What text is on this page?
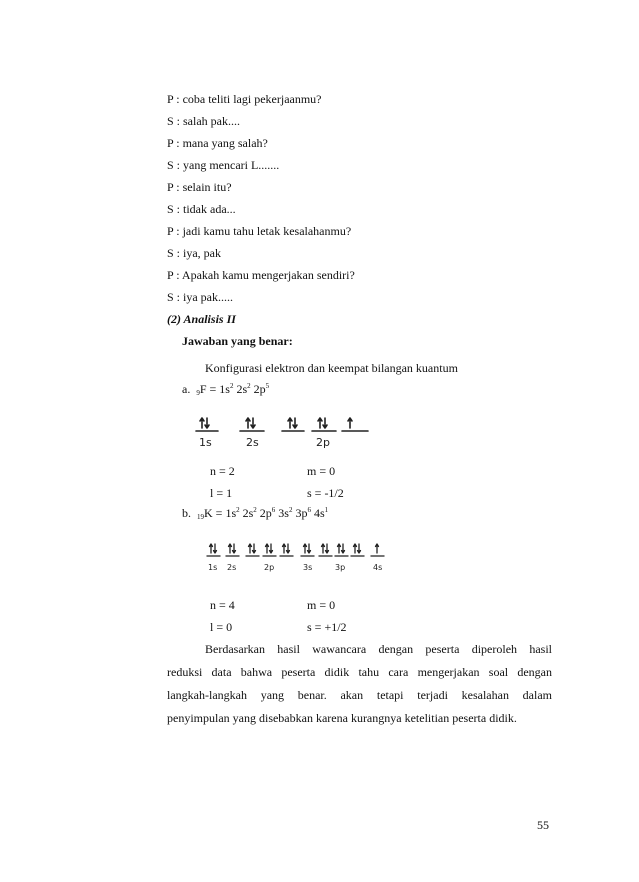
P : coba teliti lagi pekerjaanmu?
S : salah pak....
P : mana yang salah?
S : yang mencari L.......
P : selain itu?
S : tidak ada...
P : jadi kamu tahu letak kesalahanmu?
S : iya, pak
P : Apakah kamu mengerjakan sendiri?
S : iya pak.....
(2) Analisis II
Jawaban yang benar:
Konfigurasi elektron dan keempat bilangan kuantum
a. $_9F = 1s^2$ $2s^2$ $2p^5$
1s	2s	2p
n = 2	m = 0
l = 1	s = -1/2
b. $_{19}K = 1s^2$ $2s^2$ $2p^6$ $3s^2$ $3p^6$ $4s^1$
1s 2s	2p	3s	3p	4s
n = 4	m = 0
l = 0	s = +1/2
Berdasarkan hasil wawancara dengan peserta diperoleh hasil
reduksi data bahwa peserta didik tahu cara mengerjakan soal dengan
langkah-langkah yang benar. akan tetapi terjadi kesalahan dalam
penyimpulan yang disebabkan karena kurangnya ketelitian peserta didik.
55
